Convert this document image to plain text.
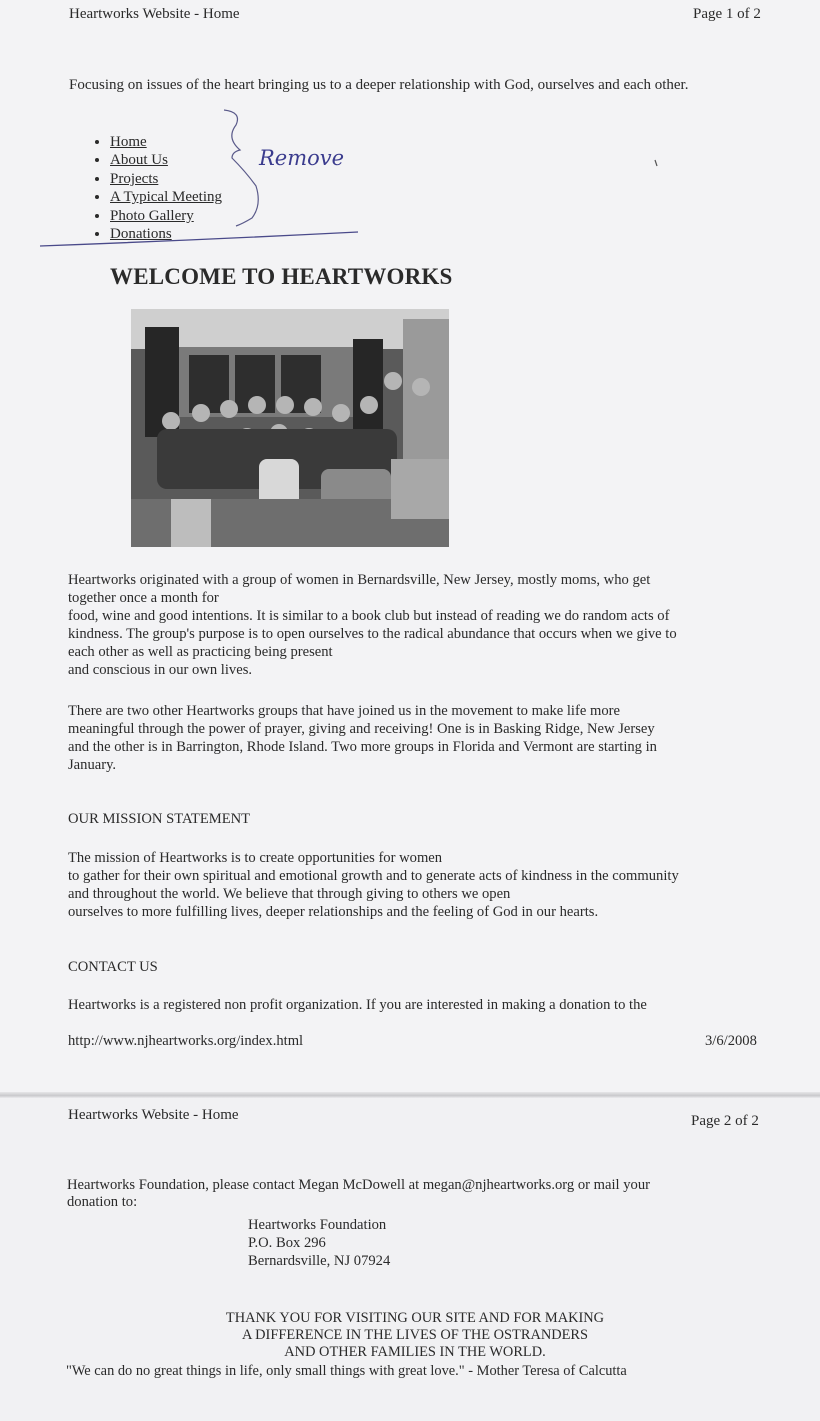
Heartworks Website - Home	Page 1 of 2
Focusing on issues of the heart bringing us to a deeper relationship with God, ourselves and each other.
• Home
• About Us
• Projects
• A Typical Meeting
• Photo Gallery
• Donations
Remove
WELCOME TO HEARTWORKS
Heartworks originated with a group of women in Bernardsville, New Jersey, mostly moms, who get
together once a month for
food, wine and good intentions. It is similar to a book club but instead of reading we do random acts of
kindness. The group's purpose is to open ourselves to the radical abundance that occurs when we give to
each other as well as practicing being present
and conscious in our own lives.
There are two other Heartworks groups that have joined us in the movement to make life more
meaningful through the power of prayer, giving and receiving! One is in Basking Ridge, New Jersey
and the other is in Barrington, Rhode Island. Two more groups in Florida and Vermont are starting in
January.
OUR MISSION STATEMENT
The mission of Heartworks is to create opportunities for women
to gather for their own spiritual and emotional growth and to generate acts of kindness in the community
and throughout the world. We believe that through giving to others we open
ourselves to more fulfilling lives, deeper relationships and the feeling of God in our hearts.
CONTACT US
Heartworks is a registered non profit organization. If you are interested in making a donation to the
http://www.njheartworks.org/index.html	3/6/2008
Heartworks Website - Home	Page 2 of 2
Heartworks Foundation, please contact Megan McDowell at megan@njheartworks.org or mail your
donation to:
Heartworks Foundation
P.O. Box 296
Bernardsville, NJ 07924
THANK YOU FOR VISITING OUR SITE AND FOR MAKING
A DIFFERENCE IN THE LIVES OF THE OSTRANDERS
AND OTHER FAMILIES IN THE WORLD.
"We can do no great things in life, only small things with great love." - Mother Teresa of Calcutta
